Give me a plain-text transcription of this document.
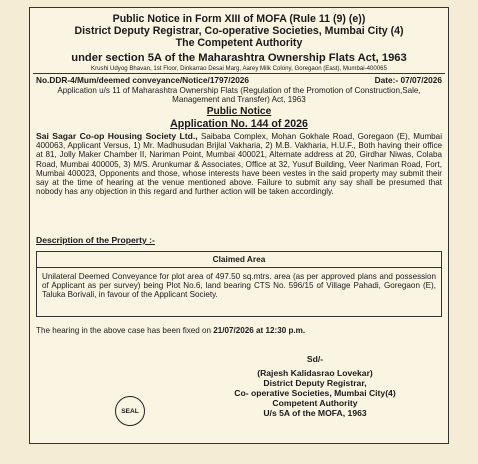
Public Notice in Form XIII of MOFA (Rule 11 (9) (e))
District Deputy Registrar, Co-operative Societies, Mumbai City (4)
The Competent Authority
under section 5A of the Maharashtra Ownership Flats Act, 1963
Krushi Udyog Bhavan, 1st Floor, Dinkarrao Desai Marg, Aarey Milk Colony, Goregaon (East), Mumbai-400065
No.DDR-4/Mum/deemed conveyance/Notice/1797/2026	Date:- 07/07/2026
Application u/s 11 of Maharashtra Ownership Flats (Regulation of the Promotion of Construction,Sale, Management and Transfer) Act, 1963
Public Notice
Application No. 144 of 2026
Sai Sagar Co-op Housing Society Ltd., Saibaba Complex, Mohan Gokhale Road, Goregaon (E), Mumbai 400063, Applicant Versus, 1) Mr. Madhusudan Brijlal Vakharia, 2) M.B. Vakharia, H.U.F., Both having their office at 81, Jolly Maker Chamber II, Nariman Point, Mumbai 400021, Alternate address at 20, Girdhar Niwas, Colaba Road, Mumbai 400005, 3) M/S. Arunkumar & Associates, Office at 32, Yusuf Building, Veer Nariman Road, Fort, Mumbai 400023, Opponents and those, whose interests have been vestes in the said property may submit their say at the time of hearing at the venue mentioned above. Failure to submit any say shall be presumed that nobody has any objection in this regard and further action will be taken accordingly.
Description of the Property :-
Claimed Area
Unilateral Deemed Conveyance for plot area of 497.50 sq.mtrs. area (as per approved plans and possession of Applicant as per survey) being Plot No.6, land bearing CTS No. 596/15 of Village Pahadi, Goregaon (E), Taluka Borivali, in favour of the Applicant Society.
The hearing in the above case has been fixed on 21/07/2026 at 12:30 p.m.
SEAL
Sd/-
(Rajesh Kalidasrao Lovekar)
District Deputy Registrar,
Co- operative Societies, Mumbai City(4)
Competent Authority
U/s 5A of the MOFA, 1963
